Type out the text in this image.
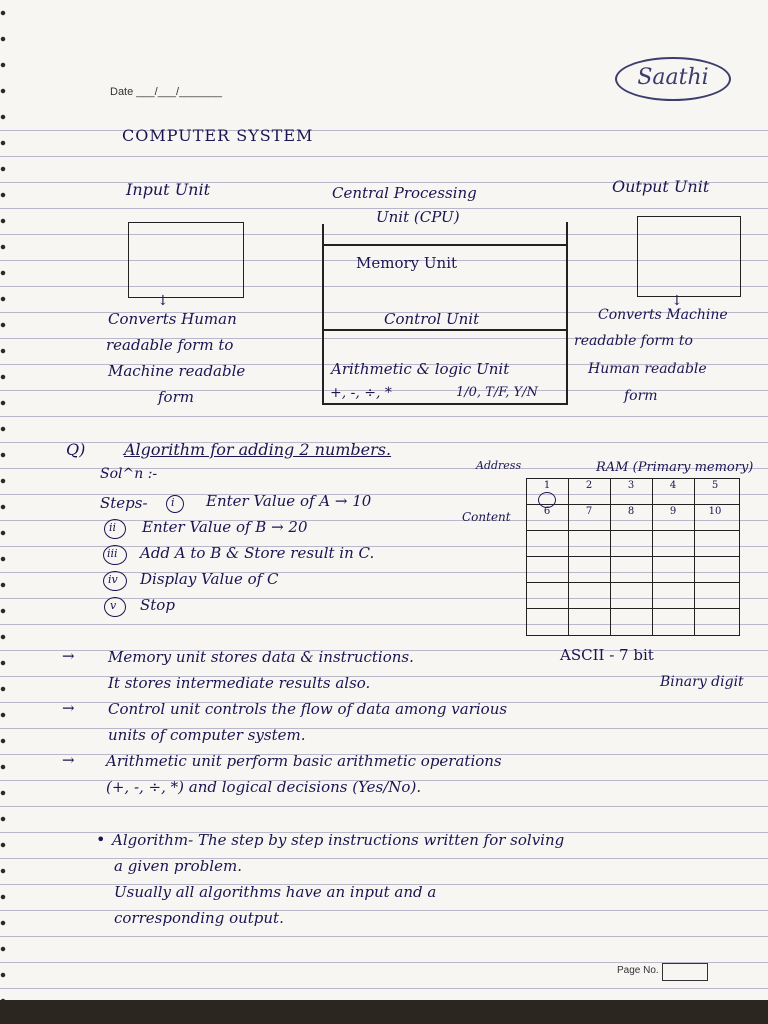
Date ___/___/_______
Saathi
COMPUTER SYSTEM
Input Unit	Central Processing
Unit (CPU)
Output Unit
↓
Memory Unit
Control Unit
Arithmetic & logic Unit
+, -, ÷, *	1/0, T/F, Y/N
↓
Converts Human
readable form to
Machine readable
form
Converts Machine
readable form to
Human readable
form
Q) Algorithm for adding 2 numbers.
Sol^n :-
Steps- i Enter Value of A → 10
ii Enter Value of B → 20
iii Add A to B & Store result in C.
iv Display Value of C
v Stop
Address	RAM (Primary memory)
Content
1	2	3	4	5
6	7	8	9	10
→ Memory unit stores data & instructions.	ASCII - 7 bit
It stores intermediate results also.	Binary digit
→ Control unit controls the flow of data among various
units of computer system.
→ Arithmetic unit perform basic arithmetic operations
(+, -, ÷, *) and logical decisions (Yes/No).
• Algorithm- The step by step instructions written for solving
a given problem.
Usually all algorithms have an input and a
corresponding output.
Page No.
